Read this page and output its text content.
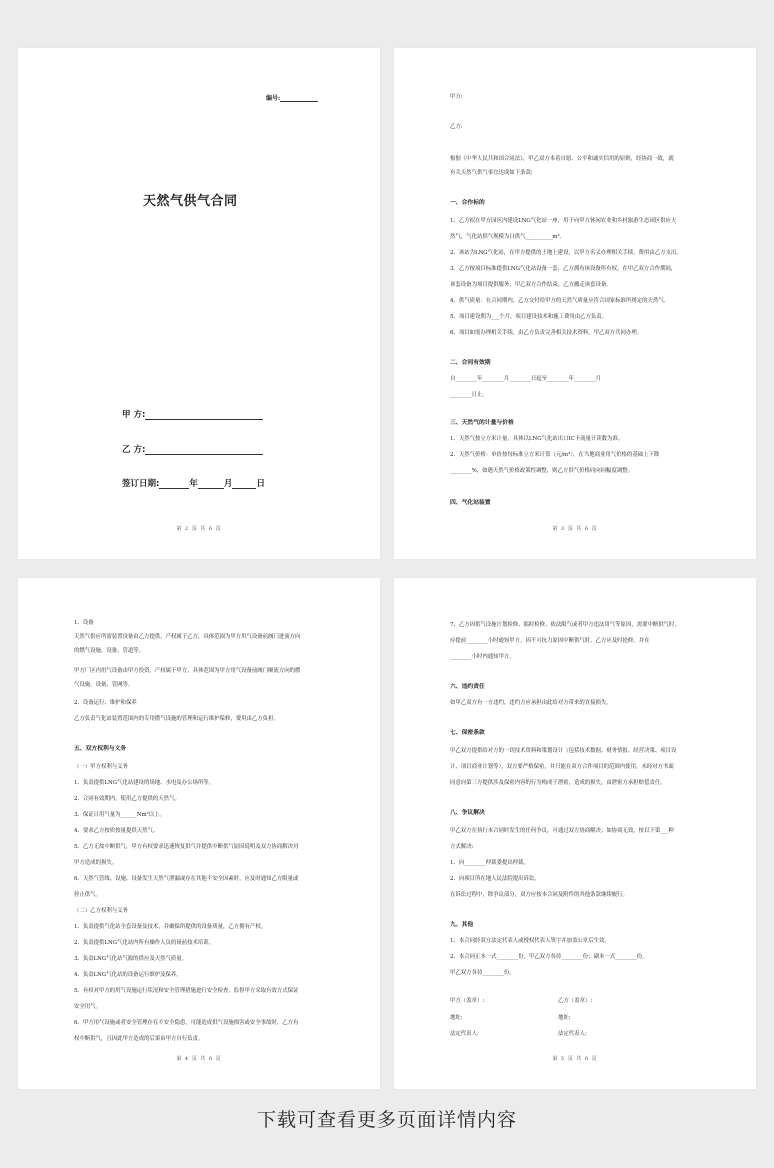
编号:
天然气供气合同
甲 方:
乙 方:
签订日期:	年	月	日
第 2 页 共 6 页
甲方:
乙方:
根据《中华人民共和国合同法》，甲乙双方本着自愿、公平和诚实信用的原则，经协商一致，就
有关天然气供气事宜达成如下条款:
一、合作标的
1、乙方拟在甲方园区内建设LNG气化站一座，用于向甲方休闲农业和乡村旅游生态园区供应天
然气，气化站供气规模为日供气__________m³。
2、该站为LNG气化站，在甲方提供的土地上建设，以甲方名义办理相关手续，费用由乙方支出。
3、乙方按项目标准提供LNG气化站设备一套，乙方拥有该设备所有权，在甲乙双方合作期间，
该套设备为项目提供服务；甲乙双方合作结束，乙方撤走该套设备。
4、供气质量：在合同期内，乙方交付给甲方的天然气质量应符合国家标准所规定的天然气。
5、项目建设期为___个月，项目建设技术和施工费用由乙方负责。
6、项目如需办理相关手续，由乙方负责完善相关技术资料，甲乙双方共同办理。
二、合同有效期
自________年________月________日起至________年________月
________日止。
三、天然气的计量与价格
1、天然气按立方米计量，具体以LNG气化站出口IC卡流量计读数为准。
2、天然气价格：单价按每标准立方米计算（元/m³），在当地商业用气价格的基础上下降
________%，如遇天然气价格政策性调整，则乙方供气价格同向同幅度调整。
四、气化站装置
第 3 页 共 6 页
1、设备
天然气供应所需装置设备由乙方提供，产权属于乙方，具体范围为甲方用气设备前阀门进流方向
的燃气设施、设备、管道等。
甲方厂区内用气设备由甲方投资，产权属于甲方，具体范围为甲方用气设备前阀门顺流方向的燃
气设施、设备、管网等。
2、设备运行、维护和保养
乙方负责气化站装置范围内的专用燃气设施的管理和运行维护保修，费用由乙方负担。
五、双方权利与义务
（一）甲方权利与义务
1、负责提供LNG气化站建设的场地、水电及办公场所等。
2、合同有效期内，使用乙方提供的天然气。
3、保证日用气量为______Nm³以上。
4、要求乙方按质按量提供天然气。
5、乙方无故中断供气，甲方有权要求迅速恢复供气并提供中断供气原因说明及双方协商解决对
甲方造成的损失。
6、天然气管线、设施、设备发生天然气泄漏或存在其他不安全因素时，应及时通知乙方限量或
停止供气。
（二）乙方权利与义务
1、负责提供气化站全套设备及技术，并确保所提供的设备质量，乙方拥有产权。
2、负责提供LNG气化站内所有操作人员的岗前技术培训。
3、负责LNG气化站气源的供应及天然气质量。
4、负责LNG气化站的设备运行维护及保养。
5、有权对甲方的用气设施运行状况和安全管理措施进行安全检查，监督甲方采取有效方式保证
安全用气。
6、甲方用气设施或者安全管理存在不安全隐患，可能造成供气设施损害或安全事故时，乙方有
权中断供气，且因此甲方造成的后果由甲方自行负责。
第 4 页 共 6 页
7、乙方因供气设施计划检修、临时检修、依法限气或者甲方违法用气等原因，需要中断供气时，
应提前________小时通知甲方，因不可抗力原因中断供气时，乙方应及时抢修，并在
________小时内通知甲方。
六、违约责任
如甲乙双方有一方违约，违约方应承担由此给对方带来的直接损失。
七、保密条款
甲乙双方提供给对方的一切技术资料和策划设计（包括技术数据、财务情报、经营决策、项目设
计、项目商业计划等），双方要严格保密，并只能在双方合作项目的范围内使用，未经对方书面
同意向第三方提供涉及保密内容的行为构成于泄密，造成的损失，由泄密方承担赔偿责任。
八、争议解决
甲乙双方在执行本合同时发生的任何争议，可通过双方协商解决；如协商无效，按以下第___种
方式解决:
1、向________仲裁委提出仲裁。
2、向项目所在地人民法院提出诉讼。
在诉讼过程中，除争议部分，双方应按本合同及附件的其他条款继续履行。
九、其他
1、本合同经双方法定代表人或授权代表人签字并加盖公章后生效。
2、本合同正本一式________份，甲乙双方各持________份；副本一式________份，
甲乙双方各持________份。
甲方（盖章）:	乙方（盖章）:
地址:	地址:
法定代表人:	法定代表人:
第 5 页 共 6 页
下载可查看更多页面详情内容
